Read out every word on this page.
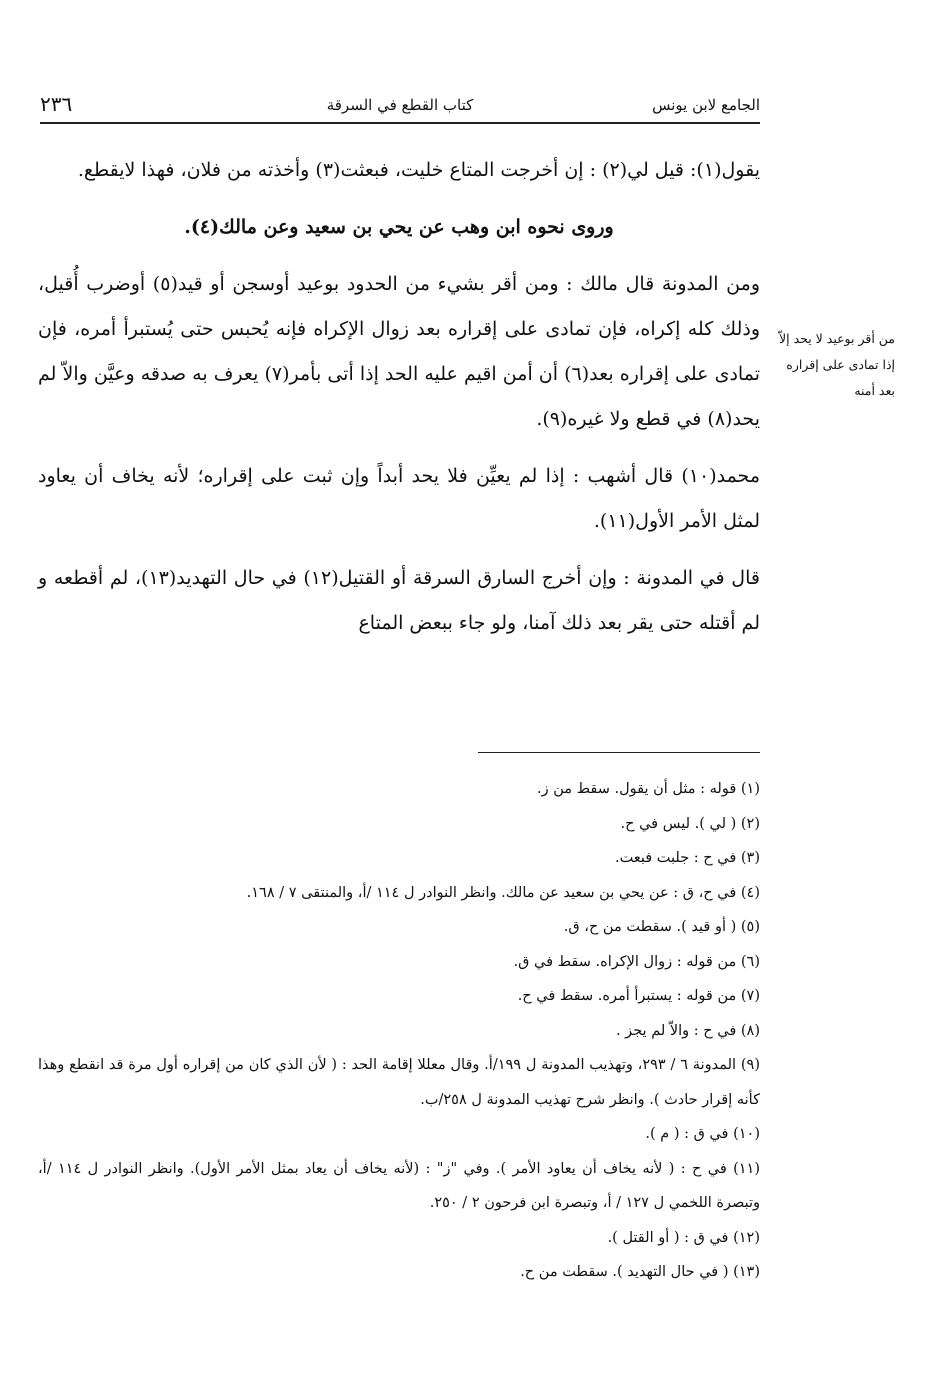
الجامع لابن يونس
كتاب القطع في السرقة
٢٣٦
من أقر بوعيد لا يحد إلاّ إذا تمادى على إقراره بعد أمنه

يقول(١): قيل لي(٢) : إن أخرجت المتاع خليت، فبعثت(٣) وأخذته من فلان، فهذا لايقطع.

وروى نحوه ابن وهب عن يحي بن سعيد وعن مالك(٤).

ومن المدونة قال مالك : ومن أقر بشيء من الحدود بوعيد أوسجن أو قيد(٥) أوضرب أُقيل، وذلك كله إكراه، فإن تمادى على إقراره بعد زوال الإكراه فإنه يُحبس حتى يُستبرأ أمره، فإن تمادى على إقراره بعد(٦) أن أمن اقيم عليه الحد إذا أتى بأمر(٧) يعرف به صدقه وعيَّن والاّ لم يحد(٨) في قطع ولا غيره(٩).

محمد(١٠) قال أشهب : إذا لم يعيِّن فلا يحد أبداً وإن ثبت على إقراره؛ لأنه يخاف أن يعاود لمثل الأمر الأول(١١).

قال في المدونة : وإن أخرج السارق السرقة أو القتيل(١٢) في حال التهديد(١٣)، لم أقطعه و لم أقتله حتى يقر بعد ذلك آمنا، ولو جاء ببعض المتاع

(١) قوله : مثل أن يقول. سقط من ز.

(٢) ( لي ). ليس في ح.

(٣) في ح : جلبت فبعت.

(٤) في ح، ق : عن يحي بن سعيد عن مالك. وانظر النوادر ل ١١٤ /أ، والمنتقى ٧ / ١٦٨.

(٥) ( أو قيد ). سقطت من ح، ق.

(٦) من قوله : زوال الإكراه. سقط في ق.

(٧) من قوله : يستبرأ أمره. سقط في ح.

(٨) في ح : والاّ لم يجز .

(٩) المدونة ٦ / ٢٩٣، وتهذيب المدونة ل ١٩٩/أ. وقال معللا إقامة الحد : ( لأن الذي كان من إقراره أول مرة قد انقطع وهذا كأنه إقرار حادث ). وانظر شرح تهذيب المدونة ل ٢٥٨/ب.

(١٠) في ق : ( م ).

(١١) في ح : ( لأنه يخاف أن يعاود الأمر ). وفي "ز" : (لأنه يخاف أن يعاد بمثل الأمر الأول). وانظر النوادر ل ١١٤ /أ، وتبصرة اللخمي ل ١٢٧ / أ، وتبصرة ابن فرحون ٢ / ٢٥٠.

(١٢) في ق : ( أو القتل ).

(١٣) ( في حال التهديد ). سقطت من ح.
